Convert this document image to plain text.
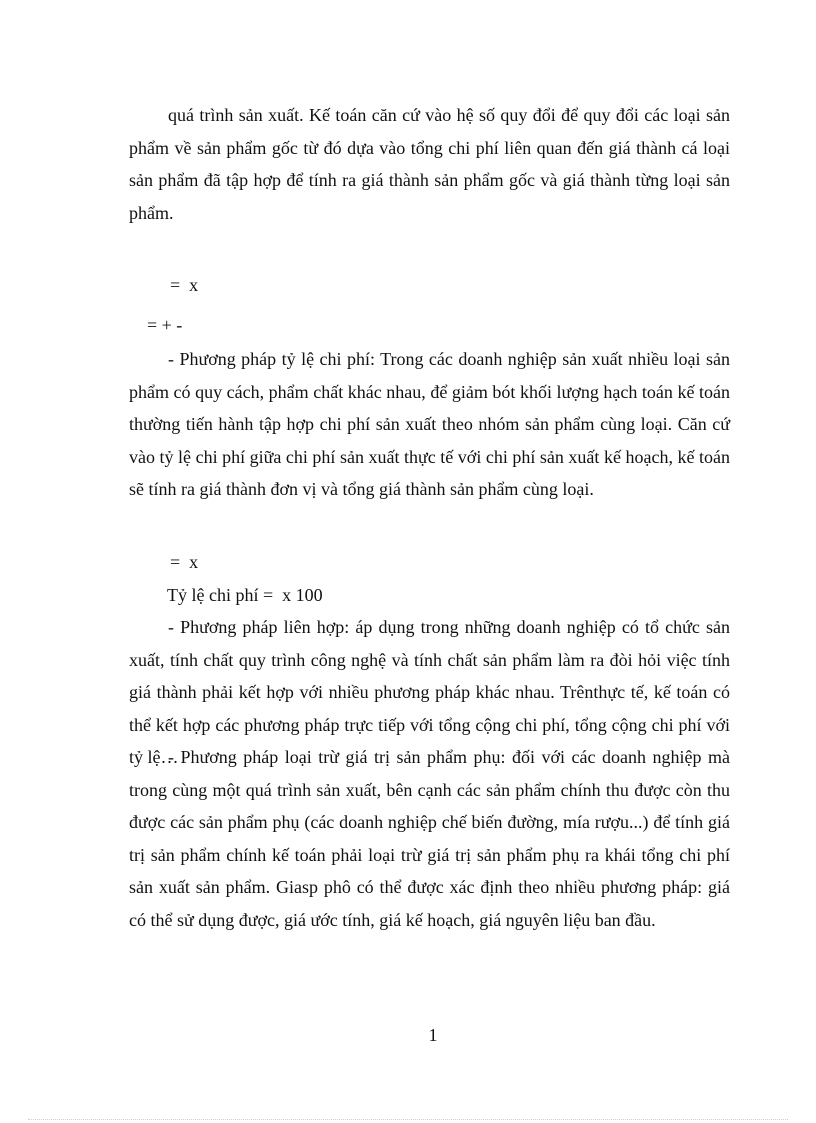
quá trình sản xuất. Kế toán căn cứ vào hệ số quy đổi để quy đổi các loại sản phẩm về sản phẩm gốc từ đó dựa vào tổng chi phí liên quan đến giá thành cá loại sản phẩm đã tập hợp để tính ra giá thành sản phẩm gốc và giá thành từng loại sản phẩm.

=  x

= + -

- Phương pháp tỷ lệ chi phí: Trong các doanh nghiệp sản xuất nhiều loại sản phẩm có quy cách, phẩm chất khác nhau, để giảm bót khối lượng hạch toán kế toán thường tiến hành tập hợp chi phí sản xuất theo nhóm sản phẩm cùng loại. Căn cứ vào tỷ lệ chi phí giữa chi phí sản xuất thực tế với chi phí sản xuất kế hoạch, kế toán sẽ tính ra giá thành đơn vị và tổng giá thành sản phẩm cùng loại.

=  x

Tỷ lệ chi phí =  x 100

- Phương pháp liên hợp: áp dụng trong những doanh nghiệp có tổ chức sản xuất, tính chất quy trình công nghệ và tính chất sản phẩm làm ra đòi hỏi việc tính giá thành phải kết hợp với nhiều phương pháp khác nhau. Trênthực tế, kế toán có thể kết hợp các phương pháp trực tiếp với tổng cộng chi phí, tổng cộng chi phí với tỷ lệ…

- Phương pháp loại trừ giá trị sản phẩm phụ: đối với các doanh nghiệp mà trong cùng một quá trình sản xuất, bên cạnh các sản phẩm chính thu được còn thu được các sản phẩm phụ (các doanh nghiệp chế biến đường, mía rượu...) để tính giá trị sản phẩm chính kế toán phải loại trừ giá trị sản phẩm phụ ra khái tổng chi phí sản xuất sản phẩm. Giasp phô có thể được xác định theo nhiều phương pháp: giá có thể sử dụng được, giá ước tính, giá kế hoạch, giá nguyên liệu ban đầu.

1
